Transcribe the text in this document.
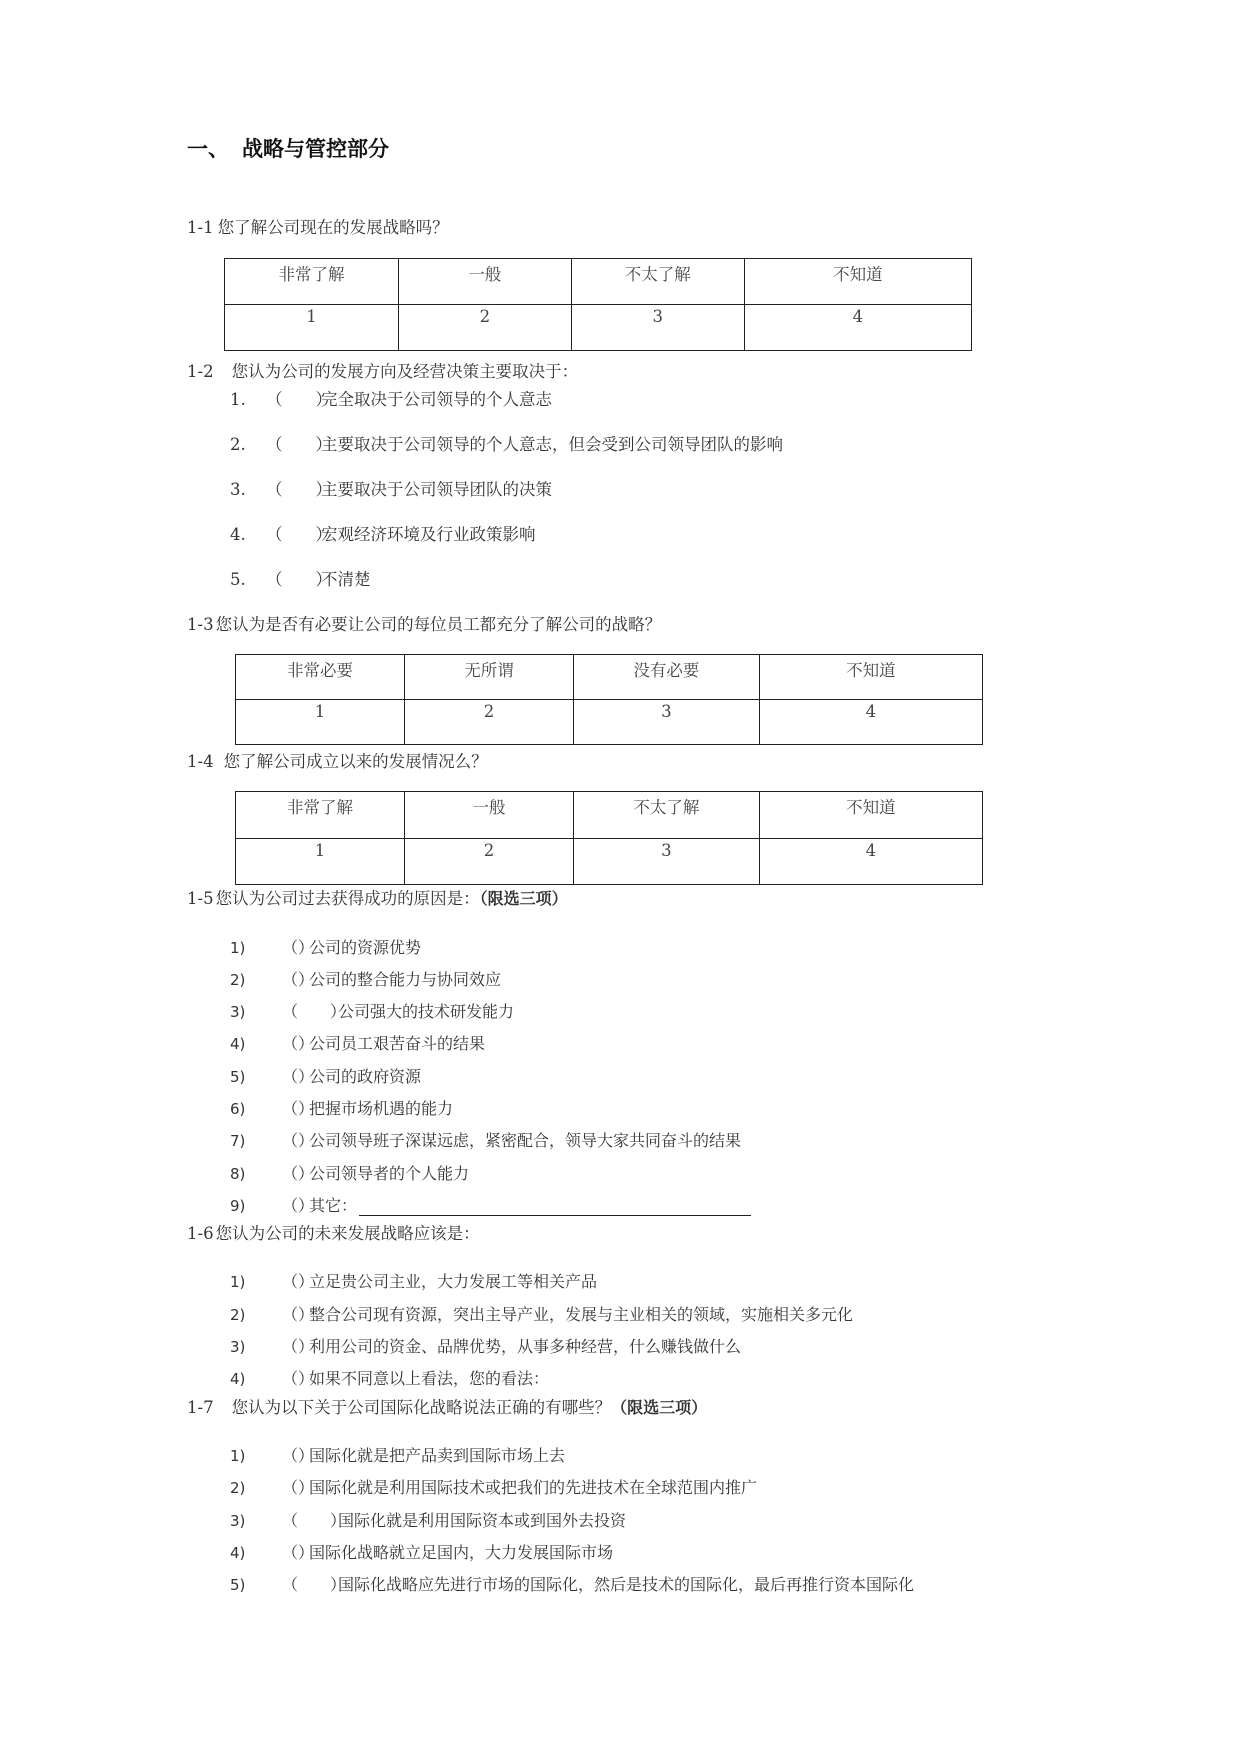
一、 战略与管控部分
1-1 您了解公司现在的发展战略吗？
非常了解	一般	不太了解	不知道
1	2	3	4
1-2 您认为公司的发展方向及经营决策主要取决于：
1. （　　）完全取决于公司领导的个人意志
2. （　　）主要取决于公司领导的个人意志，但会受到公司领导团队的影响
3. （　　）主要取决于公司领导团队的决策
4. （　　）宏观经济环境及行业政策影响
5. （　　）不清楚
1-3 您认为是否有必要让公司的每位员工都充分了解公司的战略？
非常必要	无所谓	没有必要	不知道
1	2	3	4
1-4 您了解公司成立以来的发展情况么？
非常了解	一般	不太了解	不知道
1	2	3	4
1-5 您认为公司过去获得成功的原因是：（限选三项）
1) （）公司的资源优势
2) （）公司的整合能力与协同效应
3) （　　）公司强大的技术研发能力
4) （）公司员工艰苦奋斗的结果
5) （）公司的政府资源
6) （）把握市场机遇的能力
7) （）公司领导班子深谋远虑，紧密配合，领导大家共同奋斗的结果
8) （）公司领导者的个人能力
9) （）其它：
1-6 您认为公司的未来发展战略应该是：
1) （）立足贵公司主业，大力发展工等相关产品
2) （）整合公司现有资源，突出主导产业，发展与主业相关的领域，实施相关多元化
3) （）利用公司的资金、品牌优势，从事多种经营，什么赚钱做什么
4) （）如果不同意以上看法，您的看法：
1-7 您认为以下关于公司国际化战略说法正确的有哪些？（限选三项）
1) （）国际化就是把产品卖到国际市场上去
2) （）国际化就是利用国际技术或把我们的先进技术在全球范围内推广
3) （　　）国际化就是利用国际资本或到国外去投资
4) （）国际化战略就立足国内，大力发展国际市场
5) （　　）国际化战略应先进行市场的国际化，然后是技术的国际化，最后再推行资本国际化
